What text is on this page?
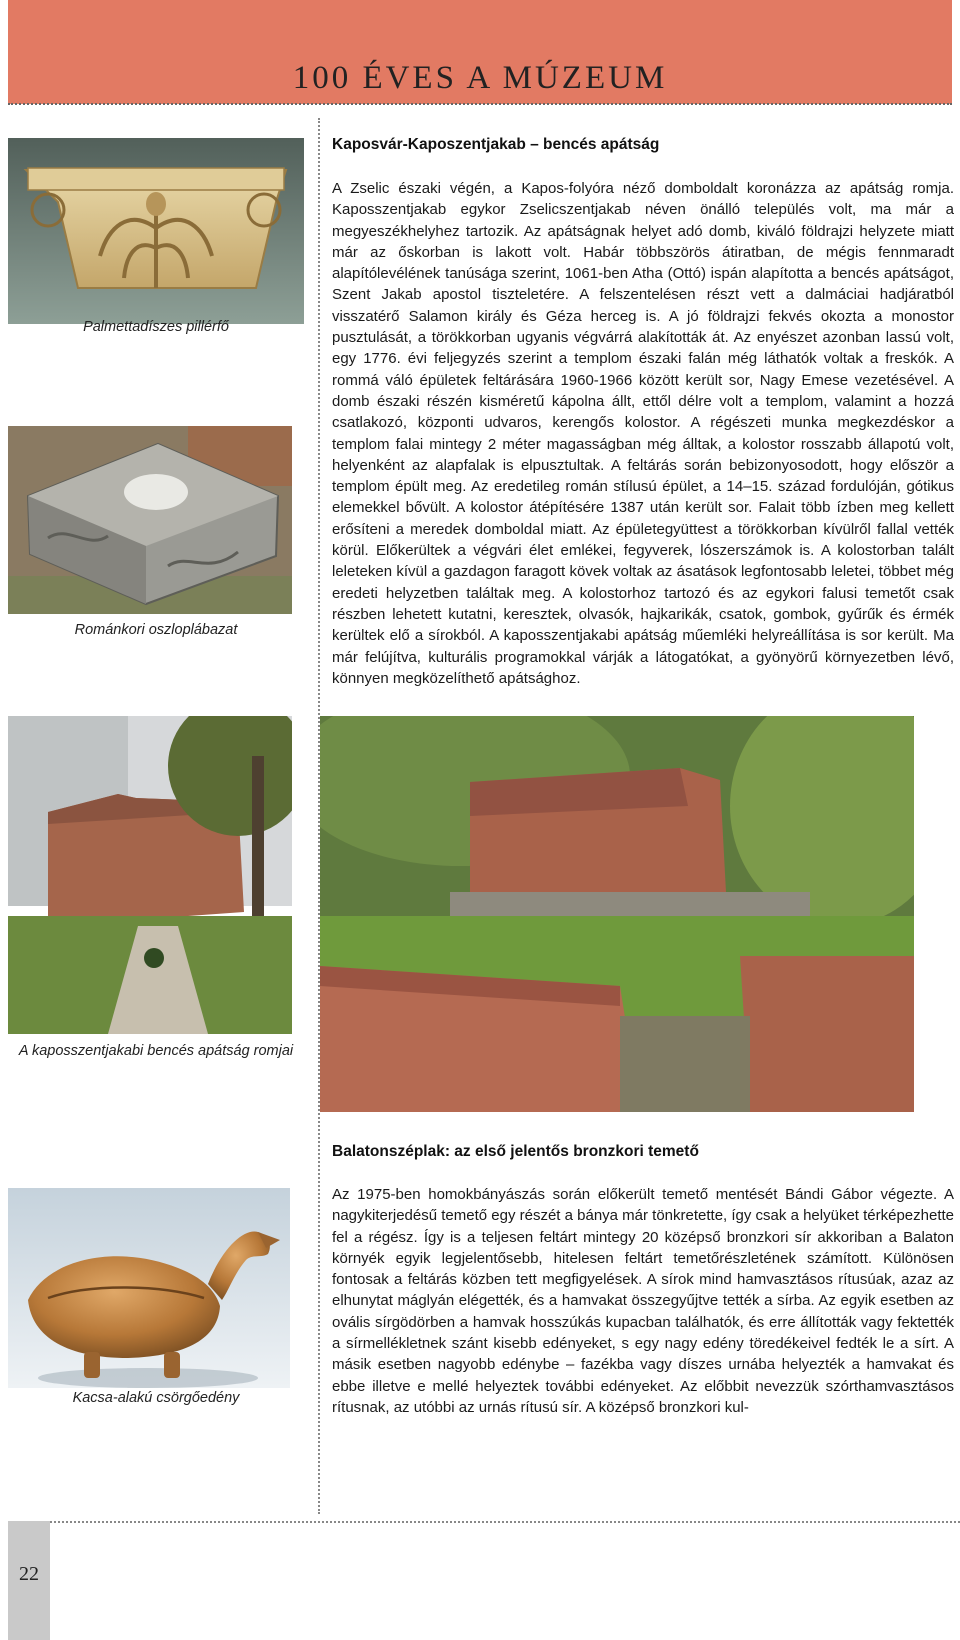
100 ÉVES A MÚZEUM
Palmettadíszes pillérfő
Románkori oszloplábazat
Kaposvár-Kaposzentjakab – bencés apátság
A Zselic északi végén, a Kapos-folyóra néző domboldalt koronázza az apátság romja. Kaposszentjakab egykor Zselicszentjakab néven önálló település volt, ma már a megyeszékhelyhez tartozik. Az apátságnak helyet adó domb, kiváló földrajzi helyzete miatt már az őskorban is lakott volt. Habár többszörös átiratban, de mégis fennmaradt alapítólevélének tanúsága szerint, 1061-ben Atha (Ottó) ispán alapította a bencés apátságot, Szent Jakab apostol tiszteletére. A felszentelésen részt vett a dalmáciai hadjáratból visszatérő Salamon király és Géza herceg is. A jó földrajzi fekvés okozta a monostor pusztulását, a törökkorban ugyanis végvárrá alakították át. Az enyészet azonban lassú volt, egy 1776. évi feljegyzés szerint a templom északi falán még láthatók voltak a freskók. A rommá váló épületek feltárására 1960-1966 között került sor, Nagy Emese vezetésével. A domb északi részén kisméretű kápolna állt, ettől délre volt a templom, valamint a hozzá csatlakozó, központi udvaros, kerengős kolostor. A régészeti munka megkezdéskor a templom falai mintegy 2 méter magasságban még álltak, a kolostor rosszabb állapotú volt, helyenként az alapfalak is elpusztultak. A feltárás során bebizonyosodott, hogy először a templom épült meg. Az eredetileg román stílusú épület, a 14–15. század fordulóján, gótikus elemekkel bővült. A kolostor átépítésére 1387 után került sor. Falait több ízben meg kellett erősíteni a meredek domboldal miatt. Az épületegyüttest a törökkorban kívülről fallal vették körül. Előkerültek a végvári élet emlékei, fegyverek, lószerszámok is. A kolostorban talált leleteken kívül a gazdagon faragott kövek voltak az ásatások legfontosabb leletei, többet még eredeti helyzetben találtak meg. A kolostorhoz tartozó és az egykori falusi temetőt csak részben lehetett kutatni, keresztek, olvasók, hajkarikák, csatok, gombok, gyűrűk és érmék kerültek elő a sírokból. A kaposszentjakabi apátság műemléki helyreállítása is sor került. Ma már felújítva, kulturális programokkal várják a látogatókat, a gyönyörű környezetben lévő, könnyen megközelíthető apátsághoz.
A kaposszentjakabi bencés apátság romjai
Balatonszéplak: az első jelentős bronzkori temető
Kacsa-alakú csörgőedény
Az 1975-ben homokbányászás során előkerült temető mentését Bándi Gábor végezte. A nagykiterjedésű temető egy részét a bánya már tönkretette, így csak a helyüket térképezhette fel a régész. Így is a teljesen feltárt mintegy 20 középső bronzkori sír akkoriban a Balaton környék egyik legjelentősebb, hitelesen feltárt temetőrészletének számított. Különösen fontosak a feltárás közben tett megfigyelések. A sírok mind hamvasztásos rítusúak, azaz az elhunytat máglyán elégették, és a hamvakat összegyűjtve tették a sírba. Az egyik esetben az ovális sírgödörben a hamvak hosszúkás kupacban találhatók, és erre állították vagy fektették a sírmellékletnek szánt kisebb edényeket, s egy nagy edény töredékeivel fedték le a sírt. A másik esetben nagyobb edénybe – fazékba vagy díszes urnába helyezték a hamvakat és ebbe illetve e mellé helyeztek további edényeket. Az előbbit nevezzük szórthamvasztásos rítusnak, az utóbbi az urnás rítusú sír. A középső bronzkori kul-
22
